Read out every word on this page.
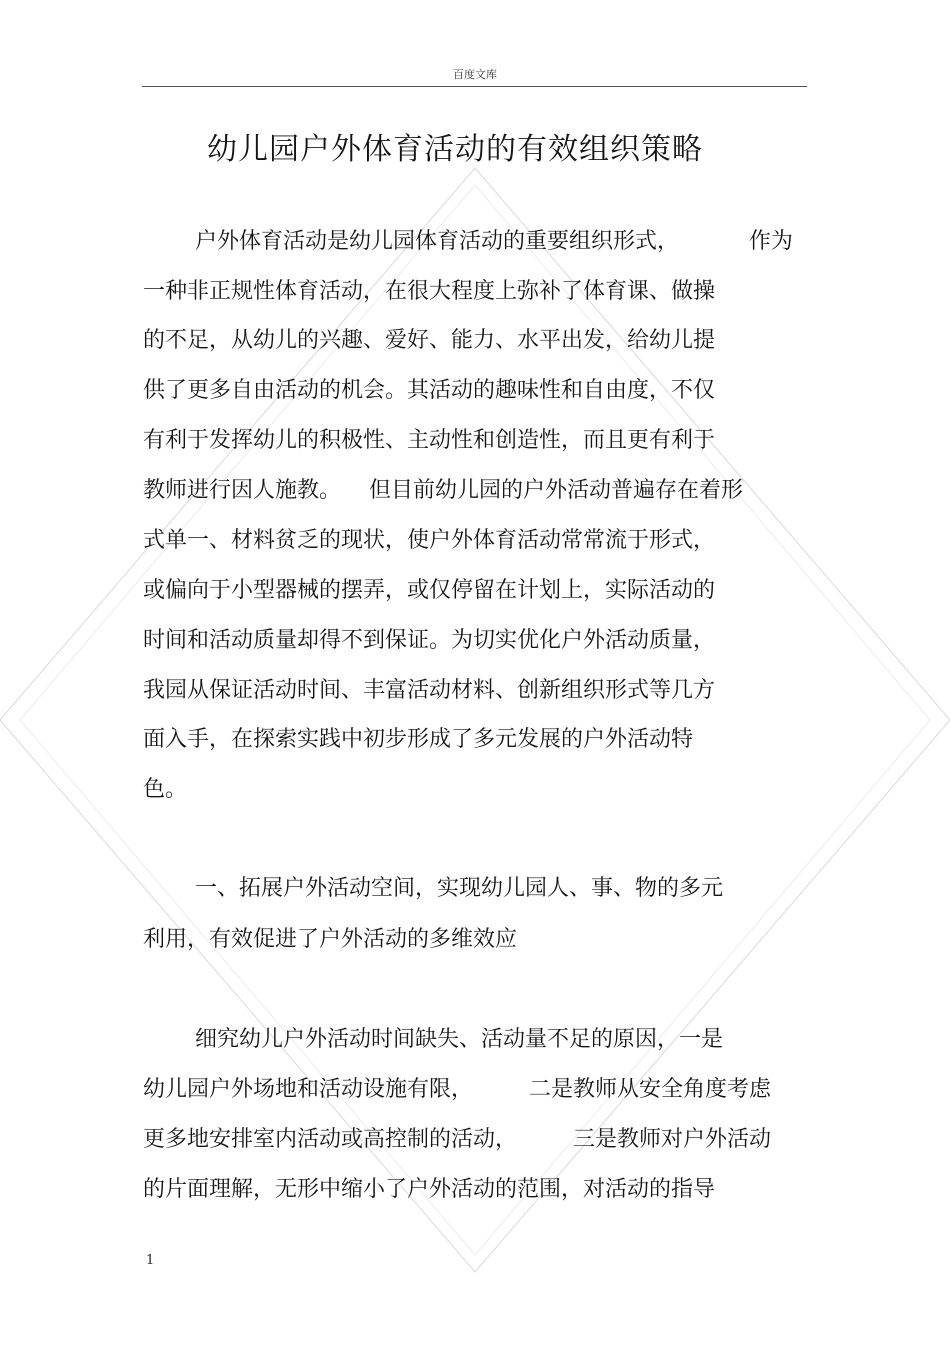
百度文库
幼儿园户外体育活动的有效组织策略
户外体育活动是幼儿园体育活动的重要组织形式，          作为
一种非正规性体育活动，在很大程度上弥补了体育课、做操
的不足，从幼儿的兴趣、爱好、能力、水平出发，给幼儿提
供了更多自由活动的机会。其活动的趣味性和自由度，不仅
有利于发挥幼儿的积极性、主动性和创造性，而且更有利于
教师进行因人施教。    但目前幼儿园的户外活动普遍存在着形
式单一、材料贫乏的现状，使户外体育活动常常流于形式，
或偏向于小型器械的摆弄，或仅停留在计划上，实际活动的
时间和活动质量却得不到保证。为切实优化户外活动质量，
我园从保证活动时间、丰富活动材料、创新组织形式等几方
面入手，在探索实践中初步形成了多元发展的户外活动特
色。
一、拓展户外活动空间，实现幼儿园人、事、物的多元
利用，有效促进了户外活动的多维效应
细究幼儿户外活动时间缺失、活动量不足的原因，一是
幼儿园户外场地和活动设施有限，        二是教师从安全角度考虑
更多地安排室内活动或高控制的活动，        三是教师对户外活动
的片面理解，无形中缩小了户外活动的范围，对活动的指导
1
